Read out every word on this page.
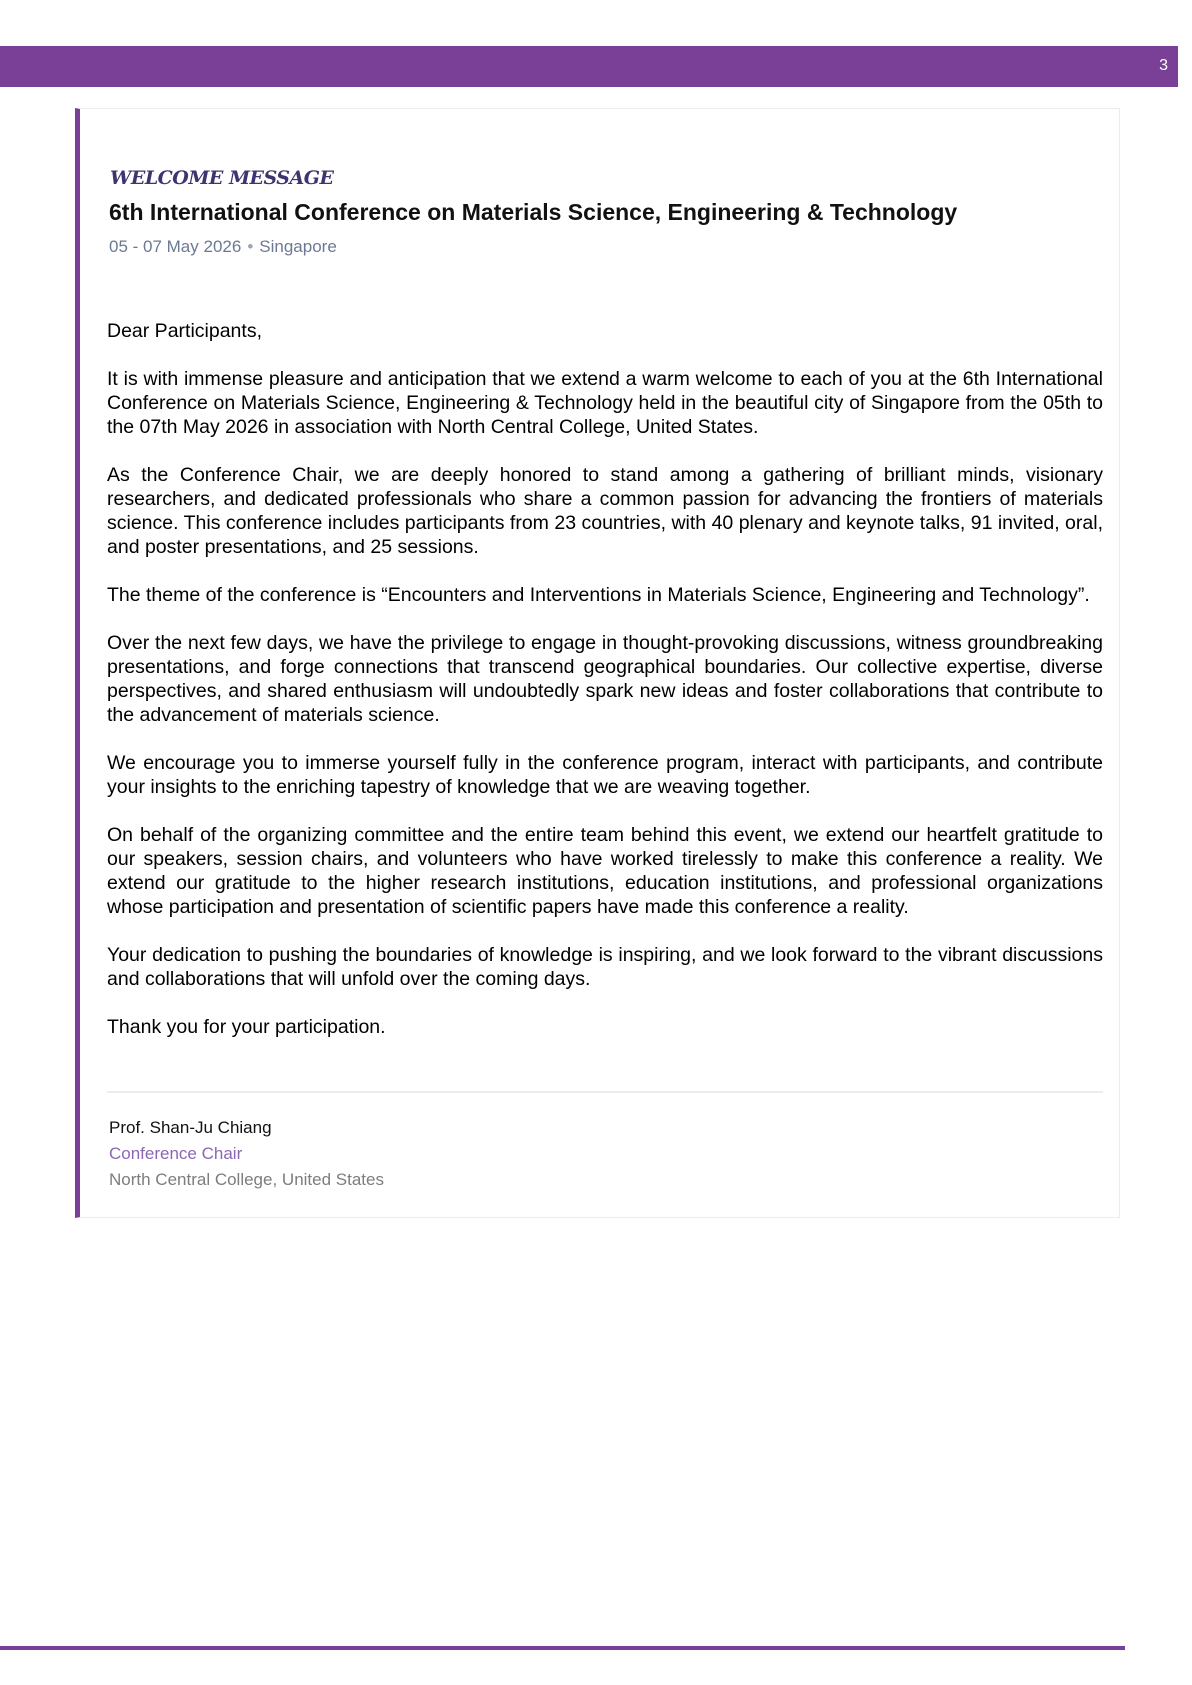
3
WELCOME MESSAGE
6th International Conference on Materials Science, Engineering & Technology
05 - 07 May 2026 • Singapore

Dear Participants,

It is with immense pleasure and anticipation that we extend a warm welcome to each of you at the 6th International Conference on Materials Science, Engineering & Technology held in the beautiful city of Singapore from the 05th to the 07th May 2026 in association with North Central College, United States.

As the Conference Chair, we are deeply honored to stand among a gathering of brilliant minds, visionary researchers, and dedicated professionals who share a common passion for advancing the frontiers of materials science. This conference includes participants from 23 countries, with 40 plenary and keynote talks, 91 invited, oral, and poster presentations, and 25 sessions.

The theme of the conference is “Encounters and Interventions in Materials Science, Engineering and Technology”.

Over the next few days, we have the privilege to engage in thought-provoking discussions, witness groundbreaking presentations, and forge connections that transcend geographical boundaries. Our collective expertise, diverse perspectives, and shared enthusiasm will undoubtedly spark new ideas and foster collaborations that contribute to the advancement of materials science.

We encourage you to immerse yourself fully in the conference program, interact with participants, and contribute your insights to the enriching tapestry of knowledge that we are weaving together.

On behalf of the organizing committee and the entire team behind this event, we extend our heartfelt gratitude to our speakers, session chairs, and volunteers who have worked tirelessly to make this conference a reality. We extend our gratitude to the higher research institutions, education institutions, and professional organizations whose participation and presentation of scientific papers have made this conference a reality.

Your dedication to pushing the boundaries of knowledge is inspiring, and we look forward to the vibrant discussions and collaborations that will unfold over the coming days.

Thank you for your participation.

Prof. Shan-Ju Chiang
Conference Chair
North Central College, United States
